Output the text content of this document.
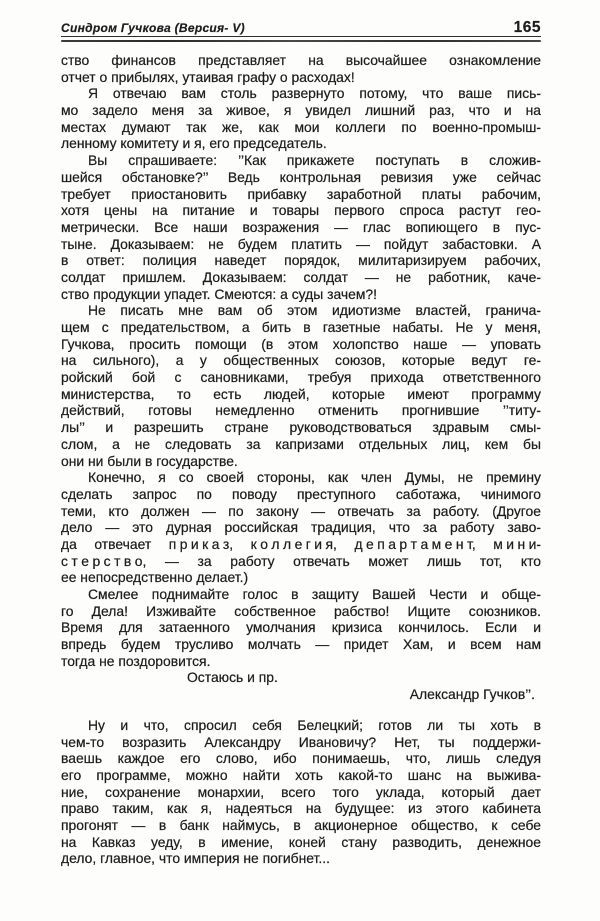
Синдром Гучкова (Версия- V)	165
ство финансов представляет на высочайшее ознакомление
отчет о прибылях, утаивая графу о расходах!
Я отвечаю вам столь развернуто потому, что ваше пись-
мо задело меня за живое, я увидел лишний раз, что и на
местах думают так же, как мои коллеги по военно-промыш-
ленному комитету и я, его председатель.
Вы спрашиваете: ’’Как прикажете поступать в сложив-
шейся обстановке?’’ Ведь контрольная ревизия уже сейчас
требует приостановить прибавку заработной платы рабочим,
хотя цены на питание и товары первого спроса растут гео-
метрически. Все наши возражения — глас вопиющего в пус-
тыне. Доказываем: не будем платить — пойдут забастовки. А
в ответ: полиция наведет порядок, милитаризируем рабочих,
солдат пришлем. Доказываем: солдат — не работник, каче-
ство продукции упадет. Смеются: а суды зачем?!
Не писать мне вам об этом идиотизме властей, гранича-
щем с предательством, а бить в газетные набаты. Не у меня,
Гучкова, просить помощи (в этом холопство наше — уповать
на сильного), а у общественных союзов, которые ведут ге-
ройский бой с сановниками, требуя прихода ответственного
министерства, то есть людей, которые имеют программу
действий, готовы немедленно отменить прогнившие ’’титу-
лы’’ и разрешить стране руководствоваться здравым смы-
слом, а не следовать за капризами отдельных лиц, кем бы
они ни были в государстве.
Конечно, я со своей стороны, как член Думы, не премину
сделать запрос по поводу преступного саботажа, чинимого
теми, кто должен — по закону — отвечать за работу. (Другое
дело — это дурная российская традиция, что за работу заво-
да отвечает п р и к а з, к о л л е г и я, д е п а р т а м е н т, м и н и-
с т е р с т в о, — за работу отвечать может лишь тот, кто
ее непосредственно делает.)
Смелее поднимайте голос в защиту Вашей Чести и обще-
го Дела! Изживайте собственное рабство! Ищите союзников.
Время для затаенного умолчания кризиса кончилось. Если и
впредь будем трусливо молчать — придет Хам, и всем нам
тогда не поздоровится.
Остаюсь и пр.
Александр Гучков’’.
Ну и что, спросил себя Белецкий; готов ли ты хоть в
чем-то возразить Александру Ивановичу? Нет, ты поддержи-
ваешь каждое его слово, ибо понимаешь, что, лишь следуя
его программе, можно найти хоть какой-то шанс на выжива-
ние, сохранение монархии, всего того уклада, который дает
право таким, как я, надеяться на будущее: из этого кабинета
прогонят — в банк наймусь, в акционерное общество, к себе
на Кавказ уеду, в имение, коней стану разводить, денежное
дело, главное, что империя не погибнет...
